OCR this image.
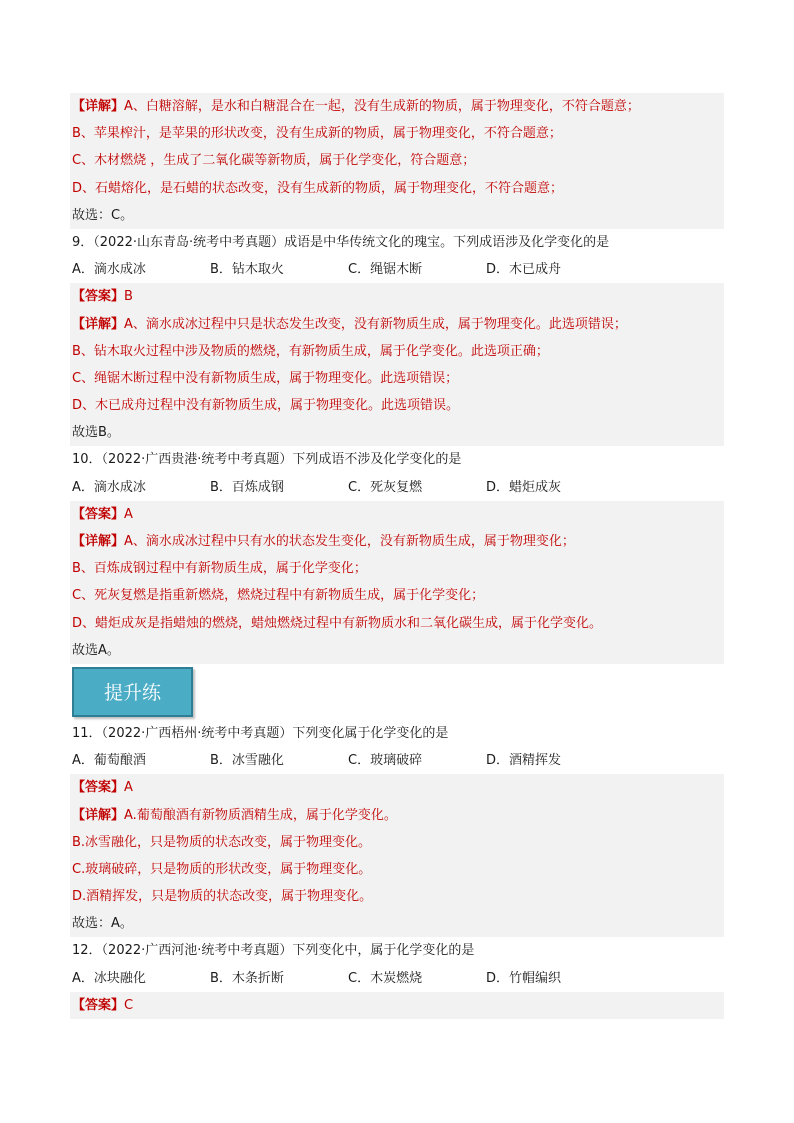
【详解】A、白糖溶解，是水和白糖混合在一起，没有生成新的物质，属于物理变化，不符合题意；
B、苹果榨汁，是苹果的形状改变，没有生成新的物质，属于物理变化，不符合题意；
C、木材燃烧 ，生成了二氧化碳等新物质，属于化学变化，符合题意；
D、石蜡熔化，是石蜡的状态改变，没有生成新的物质，属于物理变化，不符合题意；
故选：C。
9．（2022·山东青岛·统考中考真题）成语是中华传统文化的瑰宝。下列成语涉及化学变化的是
A．滴水成冰	B．钻木取火	C．绳锯木断	D．木已成舟
【答案】B
【详解】A、滴水成冰过程中只是状态发生改变，没有新物质生成，属于物理变化。此选项错误；
B、钻木取火过程中涉及物质的燃烧，有新物质生成，属于化学变化。此选项正确；
C、绳锯木断过程中没有新物质生成，属于物理变化。此选项错误；
D、木已成舟过程中没有新物质生成，属于物理变化。此选项错误。
故选B。
10．（2022·广西贵港·统考中考真题）下列成语不涉及化学变化的是
A．滴水成冰	B．百炼成钢	C．死灰复燃	D．蜡炬成灰
【答案】A
【详解】A、滴水成冰过程中只有水的状态发生变化，没有新物质生成，属于物理变化；
B、百炼成钢过程中有新物质生成，属于化学变化；
C、死灰复燃是指重新燃烧，燃烧过程中有新物质生成，属于化学变化；
D、蜡炬成灰是指蜡烛的燃烧，蜡烛燃烧过程中有新物质水和二氧化碳生成，属于化学变化。
故选A。
提升练
11．（2022·广西梧州·统考中考真题）下列变化属于化学变化的是
A．葡萄酿酒	B．冰雪融化	C．玻璃破碎	D．酒精挥发
【答案】A
【详解】A.葡萄酿酒有新物质酒精生成，属于化学变化。
B.冰雪融化，只是物质的状态改变，属于物理变化。
C.玻璃破碎，只是物质的形状改变，属于物理变化。
D.酒精挥发，只是物质的状态改变，属于物理变化。
故选：A。
12．（2022·广西河池·统考中考真题）下列变化中，属于化学变化的是
A．冰块融化	B．木条折断	C．木炭燃烧	D．竹帽编织
【答案】C
